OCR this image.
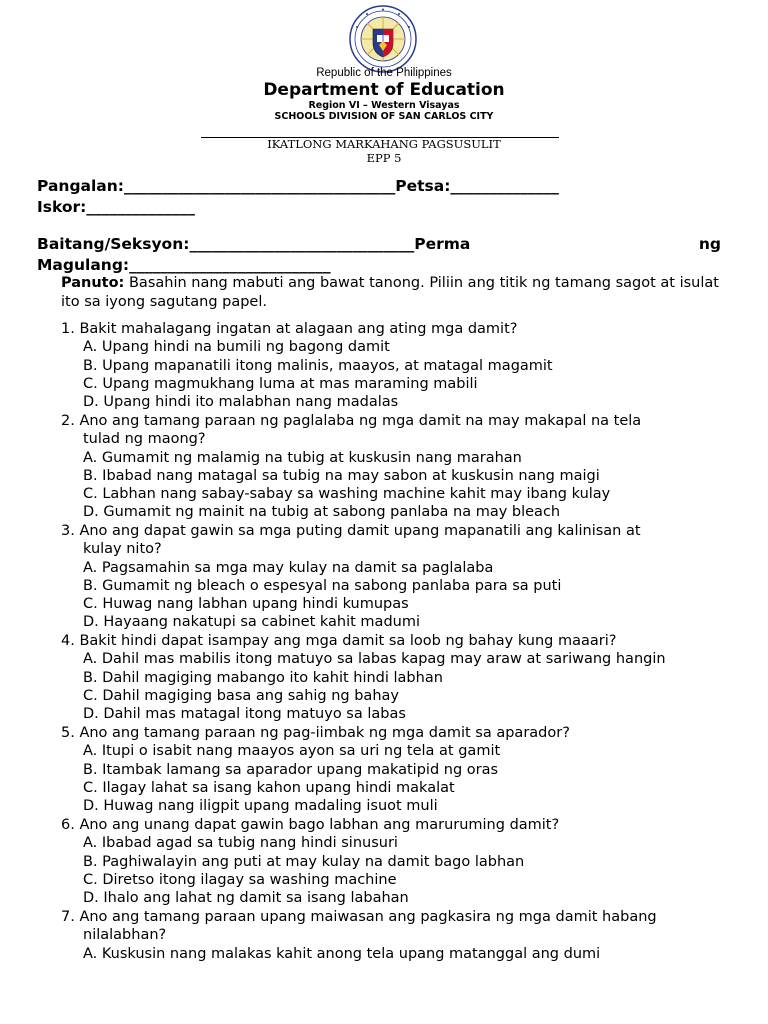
Republic of the Philippines
Department of Education
Region VI – Western Visayas
SCHOOLS DIVISION OF SAN CARLOS CITY
IKATLONG MARKAHANG PAGSUSULIT
EPP 5
Pangalan:___________________________________Petsa:______________
Iskor:______________
Baitang/Seksyon:_____________________________Perma	ng
Magulang:__________________________
Panuto: Basahin nang mabuti ang bawat tanong. Piliin ang titik ng tamang sagot at isulat ito sa iyong sagutang papel.
1. Bakit mahalagang ingatan at alagaan ang ating mga damit?
A. Upang hindi na bumili ng bagong damit
B. Upang mapanatili itong malinis, maayos, at matagal magamit
C. Upang magmukhang luma at mas maraming mabili
D. Upang hindi ito malabhan nang madalas
2. Ano ang tamang paraan ng paglalaba ng mga damit na may makapal na tela
tulad ng maong?
A. Gumamit ng malamig na tubig at kuskusin nang marahan
B. Ibabad nang matagal sa tubig na may sabon at kuskusin nang maigi
C. Labhan nang sabay-sabay sa washing machine kahit may ibang kulay
D. Gumamit ng mainit na tubig at sabong panlaba na may bleach
3. Ano ang dapat gawin sa mga puting damit upang mapanatili ang kalinisan at
kulay nito?
A. Pagsamahin sa mga may kulay na damit sa paglalaba
B. Gumamit ng bleach o espesyal na sabong panlaba para sa puti
C. Huwag nang labhan upang hindi kumupas
D. Hayaang nakatupi sa cabinet kahit madumi
4. Bakit hindi dapat isampay ang mga damit sa loob ng bahay kung maaari?
A. Dahil mas mabilis itong matuyo sa labas kapag may araw at sariwang hangin
B. Dahil magiging mabango ito kahit hindi labhan
C. Dahil magiging basa ang sahig ng bahay
D. Dahil mas matagal itong matuyo sa labas
5. Ano ang tamang paraan ng pag-iimbak ng mga damit sa aparador?
A. Itupi o isabit nang maayos ayon sa uri ng tela at gamit
B. Itambak lamang sa aparador upang makatipid ng oras
C. Ilagay lahat sa isang kahon upang hindi makalat
D. Huwag nang iligpit upang madaling isuot muli
6. Ano ang unang dapat gawin bago labhan ang maruruming damit?
A. Ibabad agad sa tubig nang hindi sinusuri
B. Paghiwalayin ang puti at may kulay na damit bago labhan
C. Diretso itong ilagay sa washing machine
D. Ihalo ang lahat ng damit sa isang labahan
7. Ano ang tamang paraan upang maiwasan ang pagkasira ng mga damit habang
nilalabhan?
A. Kuskusin nang malakas kahit anong tela upang matanggal ang dumi
